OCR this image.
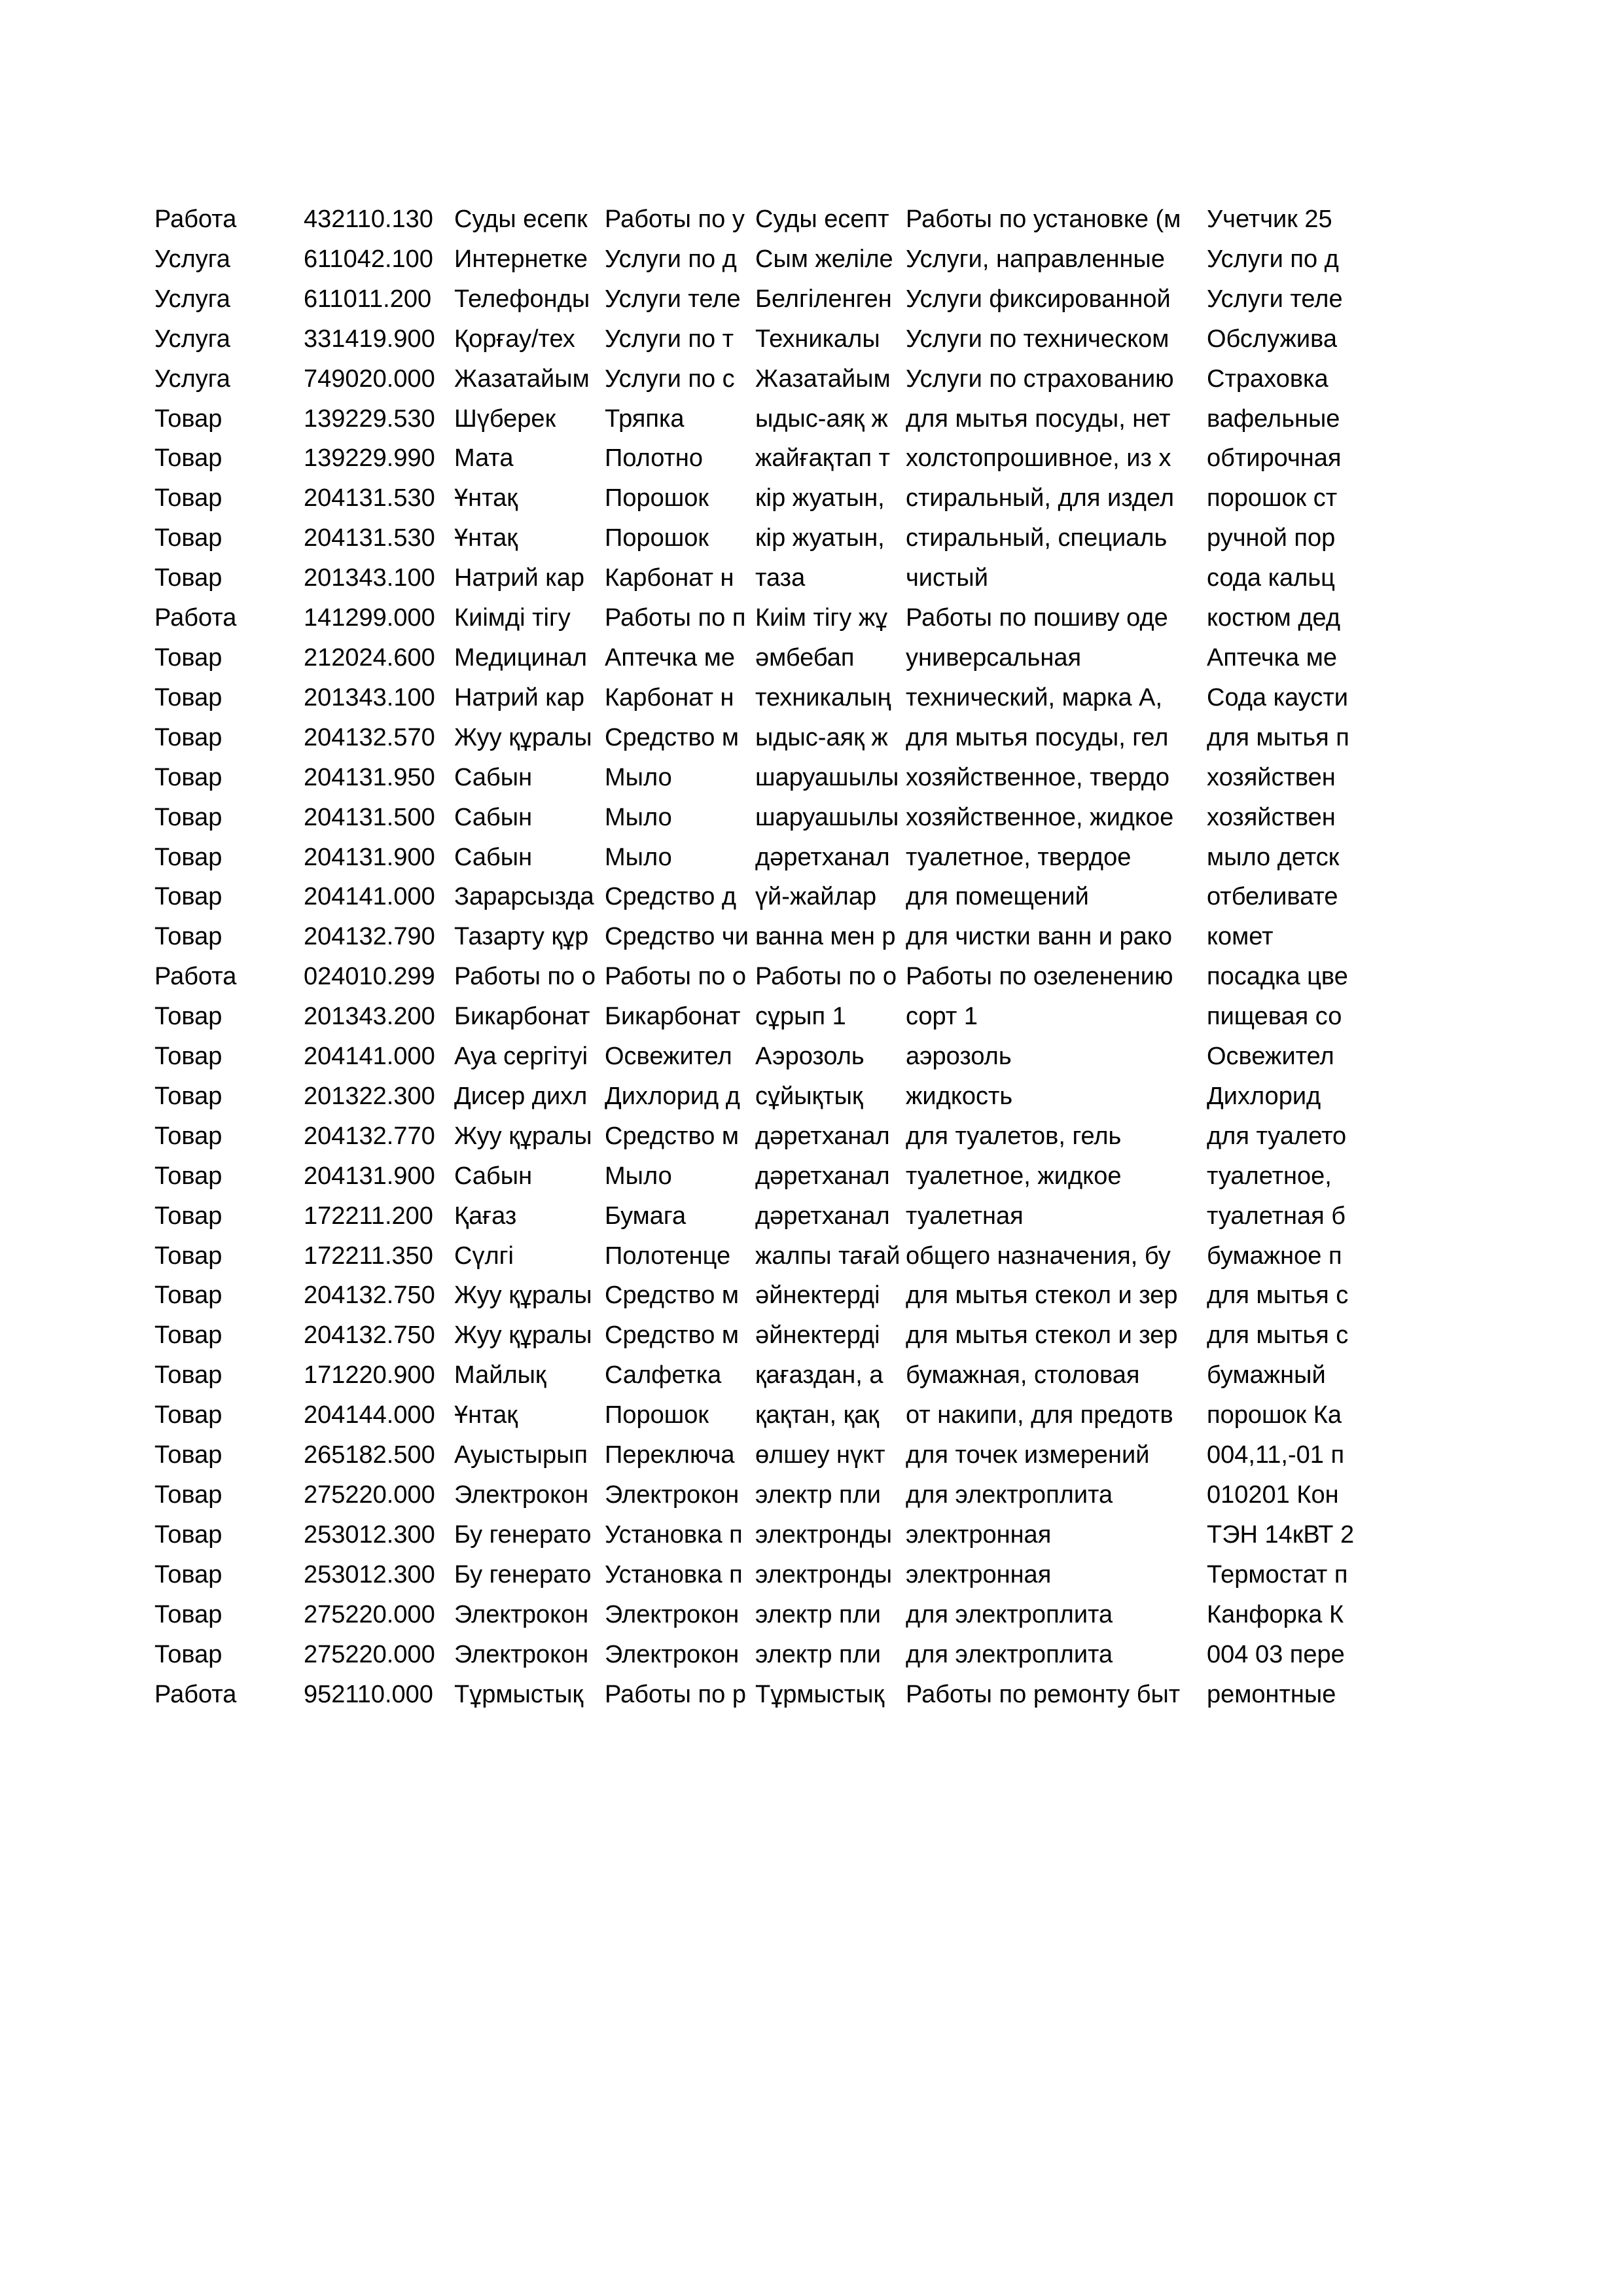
Работа	432110.130	Суды есепк	Работы по у	Суды есепт	Работы по установке (м	Учетчик 25
Услуга	611042.100	Интернетке	Услуги по д	Сым желіле	Услуги, направленные	Услуги по д
Услуга	611011.200	Телефонды	Услуги теле	Белгіленген	Услуги фиксированной	Услуги теле
Услуга	331419.900	Қорғау/тех	Услуги по т	Техникалы	Услуги по техническом	Обслужива
Услуга	749020.000	Жазатайым	Услуги по с	Жазатайым	Услуги по страхованию	Страховка
Товар	139229.530	Шүберек	Тряпка	ыдыс-аяқ ж	для мытья посуды, нет	вафельные
Товар	139229.990	Мата	Полотно	жайғақтап т	холстопрошивное, из х	обтирочная
Товар	204131.530	Ұнтақ	Порошок	кір жуатын,	стиральный, для издел	порошок ст
Товар	204131.530	Ұнтақ	Порошок	кір жуатын,	стиральный, специаль	ручной пор
Товар	201343.100	Натрий кар	Карбонат н	таза	чистый	сода кальц
Работа	141299.000	Киімді тігу	Работы по п	Киім тігу жұ	Работы по пошиву оде	костюм дед
Товар	212024.600	Медицинал	Аптечка ме	әмбебап	универсальная	Аптечка ме
Товар	201343.100	Натрий кар	Карбонат н	техникалың	технический, марка А,	Сода каусти
Товар	204132.570	Жуу құралы	Средство м	ыдыс-аяқ ж	для мытья посуды, гел	для мытья п
Товар	204131.950	Сабын	Мыло	шаруашылы	хозяйственное, твердо	хозяйствен
Товар	204131.500	Сабын	Мыло	шаруашылы	хозяйственное, жидкое	хозяйствен
Товар	204131.900	Сабын	Мыло	дәретханал	туалетное, твердое	мыло детск
Товар	204141.000	Зарарсызда	Средство д	үй-жайлар	для помещений	отбеливате
Товар	204132.790	Тазарту құр	Средство чи	ванна мен р	для чистки ванн и рако	комет
Работа	024010.299	Работы по о	Работы по о	Работы по о	Работы по озеленению	посадка цве
Товар	201343.200	Бикарбонат	Бикарбонат	сұрып 1	сорт 1	пищевая со
Товар	204141.000	Ауа сергітуі	Освежител	Аэрозоль	аэрозоль	Освежител
Товар	201322.300	Дисер дихл	Дихлорид д	сұйықтық	жидкость	Дихлорид
Товар	204132.770	Жуу құралы	Средство м	дәретханал	для туалетов, гель	для туалето
Товар	204131.900	Сабын	Мыло	дәретханал	туалетное, жидкое	туалетное,
Товар	172211.200	Қағаз	Бумага	дәретханал	туалетная	туалетная б
Товар	172211.350	Сүлгі	Полотенце	жалпы тағай	общего назначения, бу	бумажное п
Товар	204132.750	Жуу құралы	Средство м	әйнектерді	для мытья стекол и зер	для мытья с
Товар	204132.750	Жуу құралы	Средство м	әйнектерді	для мытья стекол и зер	для мытья с
Товар	171220.900	Майлық	Салфетка	қағаздан, а	бумажная, столовая	бумажный
Товар	204144.000	Ұнтақ	Порошок	қақтан, қақ	от накипи, для предотв	порошок Ка
Товар	265182.500	Ауыстырып	Переключа	өлшеу нүкт	для точек измерений	004,11,-01 п
Товар	275220.000	Электрокон	Электрокон	электр пли	для электроплита	010201 Кон
Товар	253012.300	Бу генерато	Установка п	электронды	электронная	ТЭН 14кВТ 2
Товар	253012.300	Бу генерато	Установка п	электронды	электронная	Термостат п
Товар	275220.000	Электрокон	Электрокон	электр пли	для электроплита	Канфорка К
Товар	275220.000	Электрокон	Электрокон	электр пли	для электроплита	004 03 пере
Работа	952110.000	Тұрмыстық	Работы по р	Тұрмыстық	Работы по ремонту быт	ремонтные
